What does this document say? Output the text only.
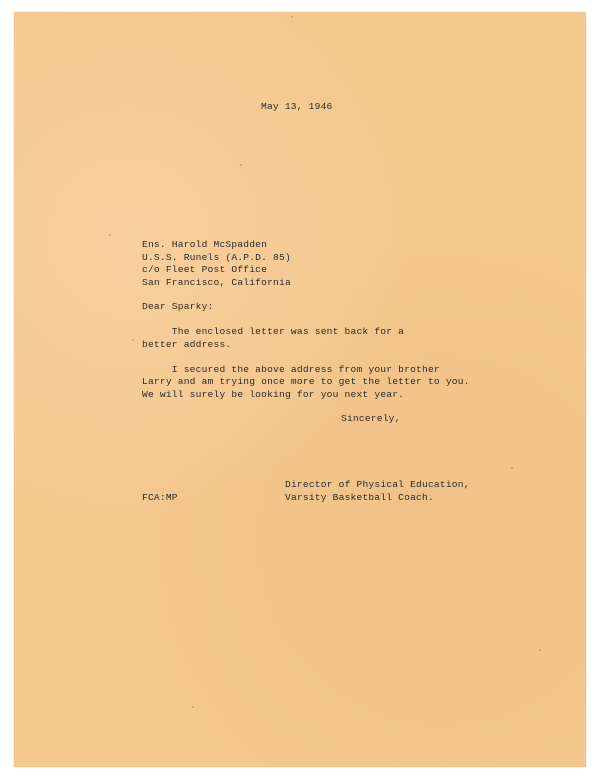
May 13, 1946
Ens. Harold McSpadden
U.S.S. Runels (A.P.D. 85)
c/o Fleet Post Office
San Francisco, California
Dear Sparky:
The enclosed letter was sent back for a
better address.
I secured the above address from your brother
Larry and am trying once more to get the letter to you.
We will surely be looking for you next year.
Sincerely,
Director of Physical Education,
Varsity Basketball Coach.
FCA:MP
